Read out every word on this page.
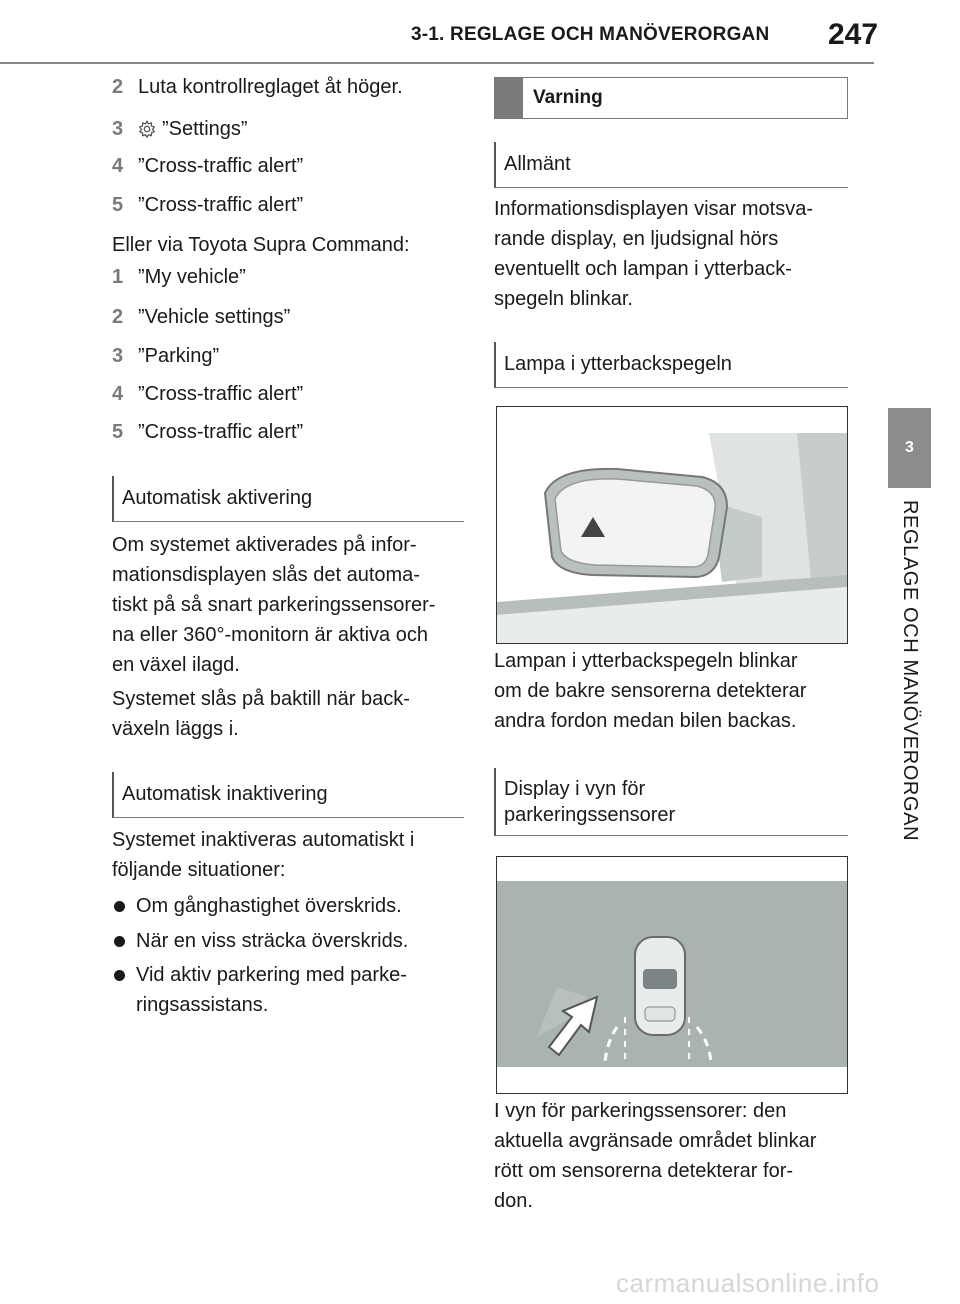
3-1. REGLAGE OCH MANÖVERORGAN 247
3
REGLAGE OCH MANÖVERORGAN
2 Luta kontrollreglaget åt höger.
3 ”Settings”
4 ”Cross-traffic alert”
5 ”Cross-traffic alert”
Eller via Toyota Supra Command:
1 ”My vehicle”
2 ”Vehicle settings”
3 ”Parking”
4 ”Cross-traffic alert”
5 ”Cross-traffic alert”
Automatisk aktivering
Om systemet aktiverades på infor-
mationsdisplayen slås det automa-
tiskt på så snart parkeringssensorer-
na eller 360°-monitorn är aktiva och
en växel ilagd.
Systemet slås på baktill när back-
växeln läggs i.
Automatisk inaktivering
Systemet inaktiveras automatiskt i
följande situationer:
Om gånghastighet överskrids.
När en viss sträcka överskrids.
Vid aktiv parkering med parke-
ringsassistans.
Varning
Allmänt
Informationsdisplayen visar motsva-
rande display, en ljudsignal hörs
eventuellt och lampan i ytterback-
spegeln blinkar.
Lampa i ytterbackspegeln
Lampan i ytterbackspegeln blinkar
om de bakre sensorerna detekterar
andra fordon medan bilen backas.
Display i vyn för
parkeringssensorer
I vyn för parkeringssensorer: den
aktuella avgränsade området blinkar
rött om sensorerna detekterar for-
don.
carmanualsonline.info
